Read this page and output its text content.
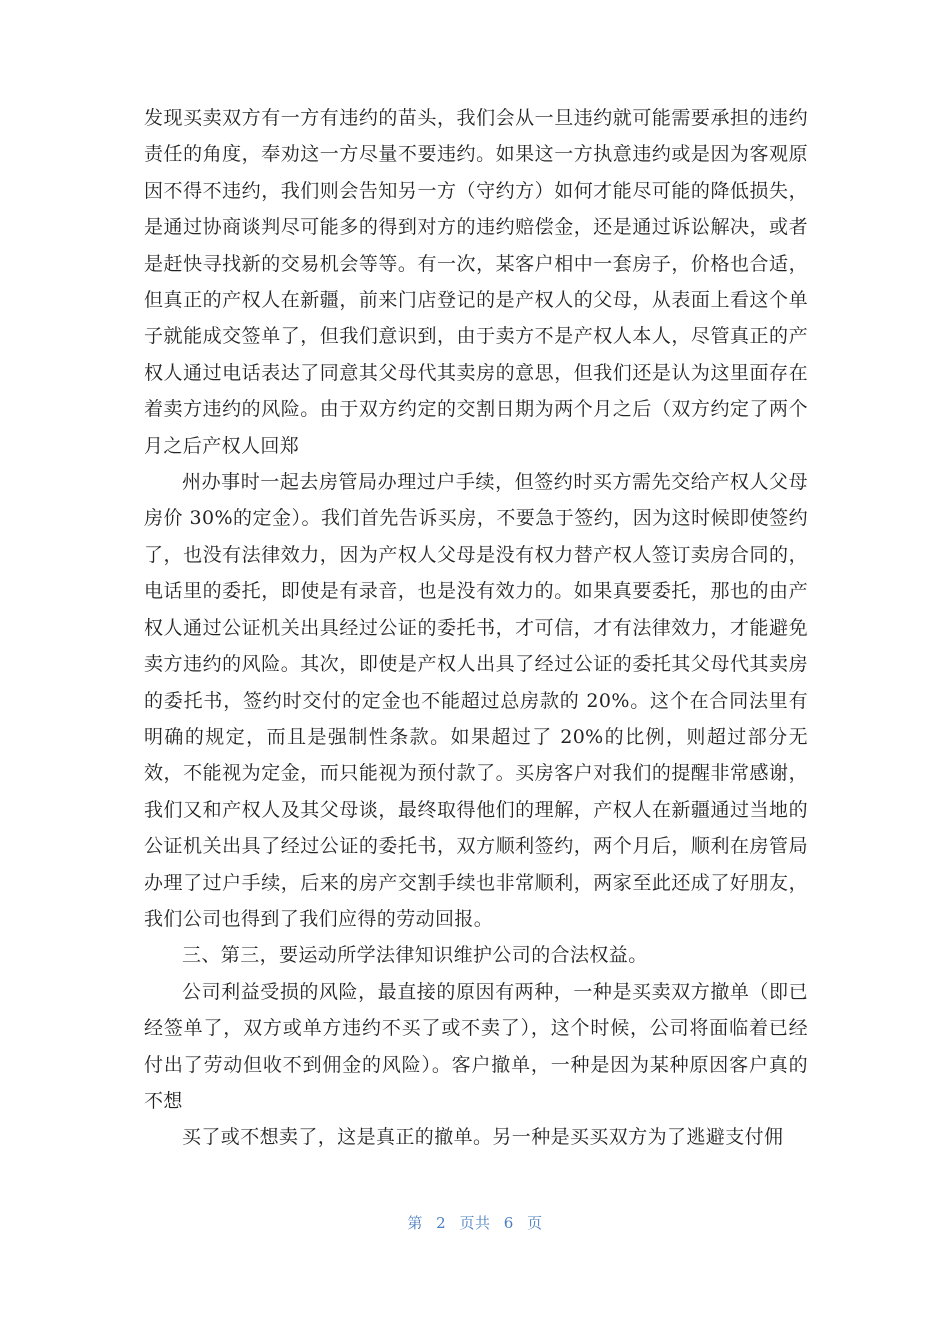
发现买卖双方有一方有违约的苗头，我们会从一旦违约就可能需要承担的违约责任的角度，奉劝这一方尽量不要违约。如果这一方执意违约或是因为客观原因不得不违约，我们则会告知另一方（守约方）如何才能尽可能的降低损失，是通过协商谈判尽可能多的得到对方的违约赔偿金，还是通过诉讼解决，或者是赶快寻找新的交易机会等等。有一次，某客户相中一套房子，价格也合适，但真正的产权人在新疆，前来门店登记的是产权人的父母，从表面上看这个单子就能成交签单了，但我们意识到，由于卖方不是产权人本人，尽管真正的产权人通过电话表达了同意其父母代其卖房的意思，但我们还是认为这里面存在着卖方违约的风险。由于双方约定的交割日期为两个月之后（双方约定了两个月之后产权人回郑

州办事时一起去房管局办理过户手续，但签约时买方需先交给产权人父母房价 30%的定金）。我们首先告诉买房，不要急于签约，因为这时候即使签约了，也没有法律效力，因为产权人父母是没有权力替产权人签订卖房合同的，电话里的委托，即使是有录音，也是没有效力的。如果真要委托，那也的由产权人通过公证机关出具经过公证的委托书，才可信，才有法律效力，才能避免卖方违约的风险。其次，即使是产权人出具了经过公证的委托其父母代其卖房的委托书，签约时交付的定金也不能超过总房款的 20%。这个在合同法里有明确的规定，而且是强制性条款。如果超过了 20%的比例，则超过部分无效，不能视为定金，而只能视为预付款了。买房客户对我们的提醒非常感谢，我们又和产权人及其父母谈，最终取得他们的理解，产权人在新疆通过当地的公证机关出具了经过公证的委托书，双方顺利签约，两个月后，顺利在房管局办理了过户手续，后来的房产交割手续也非常顺利，两家至此还成了好朋友，我们公司也得到了我们应得的劳动回报。

三、第三，要运动所学法律知识维护公司的合法权益。

公司利益受损的风险，最直接的原因有两种，一种是买卖双方撤单（即已经签单了，双方或单方违约不买了或不卖了），这个时候，公司将面临着已经付出了劳动但收不到佣金的风险）。客户撤单，一种是因为某种原因客户真的不想

买了或不想卖了，这是真正的撤单。另一种是买买双方为了逃避支付佣

第 2 页共 6 页
